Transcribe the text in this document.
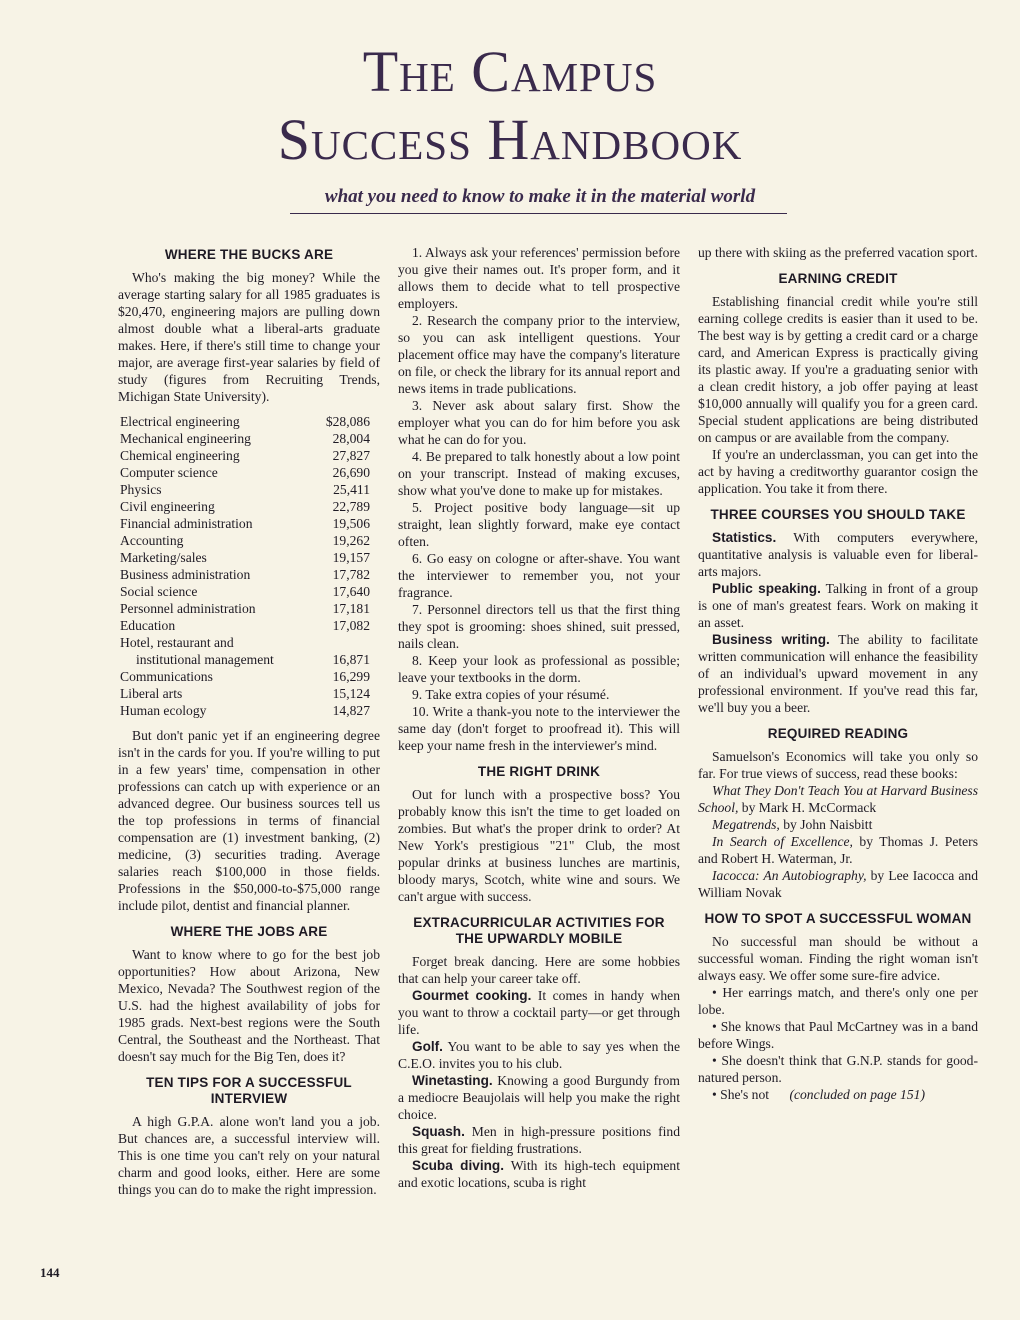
The Campus
Success Handbook
what you need to know to make it in the material world
WHERE THE BUCKS ARE

Who's making the big money? While the average starting salary for all 1985 graduates is $20,470, engineering majors are pulling down almost double what a liberal-arts graduate makes. Here, if there's still time to change your major, are average first-year salaries by field of study (figures from Recruiting Trends, Michigan State University).

Electrical engineering	$28,086
Mechanical engineering	28,004
Chemical engineering	27,827
Computer science	26,690
Physics	25,411
Civil engineering	22,789
Financial administration	19,506
Accounting	19,262
Marketing/sales	19,157
Business administration	17,782
Social science	17,640
Personnel administration	17,181
Education	17,082
Hotel, restaurant and	
institutional management	16,871
Communications	16,299
Liberal arts	15,124
Human ecology	14,827

But don't panic yet if an engineering degree isn't in the cards for you. If you're willing to put in a few years' time, compensation in other professions can catch up with experience or an advanced degree. Our business sources tell us the top professions in terms of financial compensation are (1) investment banking, (2) medicine, (3) securities trading. Average salaries reach $100,000 in those fields. Professions in the $50,000-to-$75,000 range include pilot, dentist and financial planner.

WHERE THE JOBS ARE

Want to know where to go for the best job opportunities? How about Arizona, New Mexico, Nevada? The Southwest region of the U.S. had the highest availability of jobs for 1985 grads. Next-best regions were the South Central, the Southeast and the Northeast. That doesn't say much for the Big Ten, does it?

TEN TIPS FOR A SUCCESSFUL INTERVIEW

A high G.P.A. alone won't land you a job. But chances are, a successful interview will. This is one time you can't rely on your natural charm and good looks, either. Here are some things you can do to make the right impression.

1. Always ask your references' permission before you give their names out. It's proper form, and it allows them to decide what to tell prospective employers.

2. Research the company prior to the interview, so you can ask intelligent questions. Your placement office may have the company's literature on file, or check the library for its annual report and news items in trade publications.

3. Never ask about salary first. Show the employer what you can do for him before you ask what he can do for you.

4. Be prepared to talk honestly about a low point on your transcript. Instead of making excuses, show what you've done to make up for mistakes.

5. Project positive body language—sit up straight, lean slightly forward, make eye contact often.

6. Go easy on cologne or after-shave. You want the interviewer to remember you, not your fragrance.

7. Personnel directors tell us that the first thing they spot is grooming: shoes shined, suit pressed, nails clean.

8. Keep your look as professional as possible; leave your textbooks in the dorm.

9. Take extra copies of your résumé.

10. Write a thank-you note to the interviewer the same day (don't forget to proofread it). This will keep your name fresh in the interviewer's mind.

THE RIGHT DRINK

Out for lunch with a prospective boss? You probably know this isn't the time to get loaded on zombies. But what's the proper drink to order? At New York's prestigious "21" Club, the most popular drinks at business lunches are martinis, bloody marys, Scotch, white wine and sours. We can't argue with success.

EXTRACURRICULAR ACTIVITIES FOR THE UPWARDLY MOBILE

Forget break dancing. Here are some hobbies that can help your career take off.

Gourmet cooking. It comes in handy when you want to throw a cocktail party—or get through life.

Golf. You want to be able to say yes when the C.E.O. invites you to his club.

Winetasting. Knowing a good Burgundy from a mediocre Beaujolais will help you make the right choice.

Squash. Men in high-pressure positions find this great for fielding frustrations.

Scuba diving. With its high-tech equipment and exotic locations, scuba is right

up there with skiing as the preferred vacation sport.

EARNING CREDIT

Establishing financial credit while you're still earning college credits is easier than it used to be. The best way is by getting a credit card or a charge card, and American Express is practically giving its plastic away. If you're a graduating senior with a clean credit history, a job offer paying at least $10,000 annually will qualify you for a green card. Special student applications are being distributed on campus or are available from the company.

If you're an underclassman, you can get into the act by having a creditworthy guarantor cosign the application. You take it from there.

THREE COURSES YOU SHOULD TAKE

Statistics. With computers everywhere, quantitative analysis is valuable even for liberal-arts majors.

Public speaking. Talking in front of a group is one of man's greatest fears. Work on making it an asset.

Business writing. The ability to facilitate written communication will enhance the feasibility of an individual's upward movement in any professional environment. If you've read this far, we'll buy you a beer.

REQUIRED READING

Samuelson's Economics will take you only so far. For true views of success, read these books:

What They Don't Teach You at Harvard Business School, by Mark H. McCormack

Megatrends, by John Naisbitt

In Search of Excellence, by Thomas J. Peters and Robert H. Waterman, Jr.

Iacocca: An Autobiography, by Lee Iacocca and William Novak

HOW TO SPOT A SUCCESSFUL WOMAN

No successful man should be without a successful woman. Finding the right woman isn't always easy. We offer some sure-fire advice.

• Her earrings match, and there's only one per lobe.

• She knows that Paul McCartney was in a band before Wings.

• She doesn't think that G.N.P. stands for good-natured person.

• She's not (concluded on page 151)

144
